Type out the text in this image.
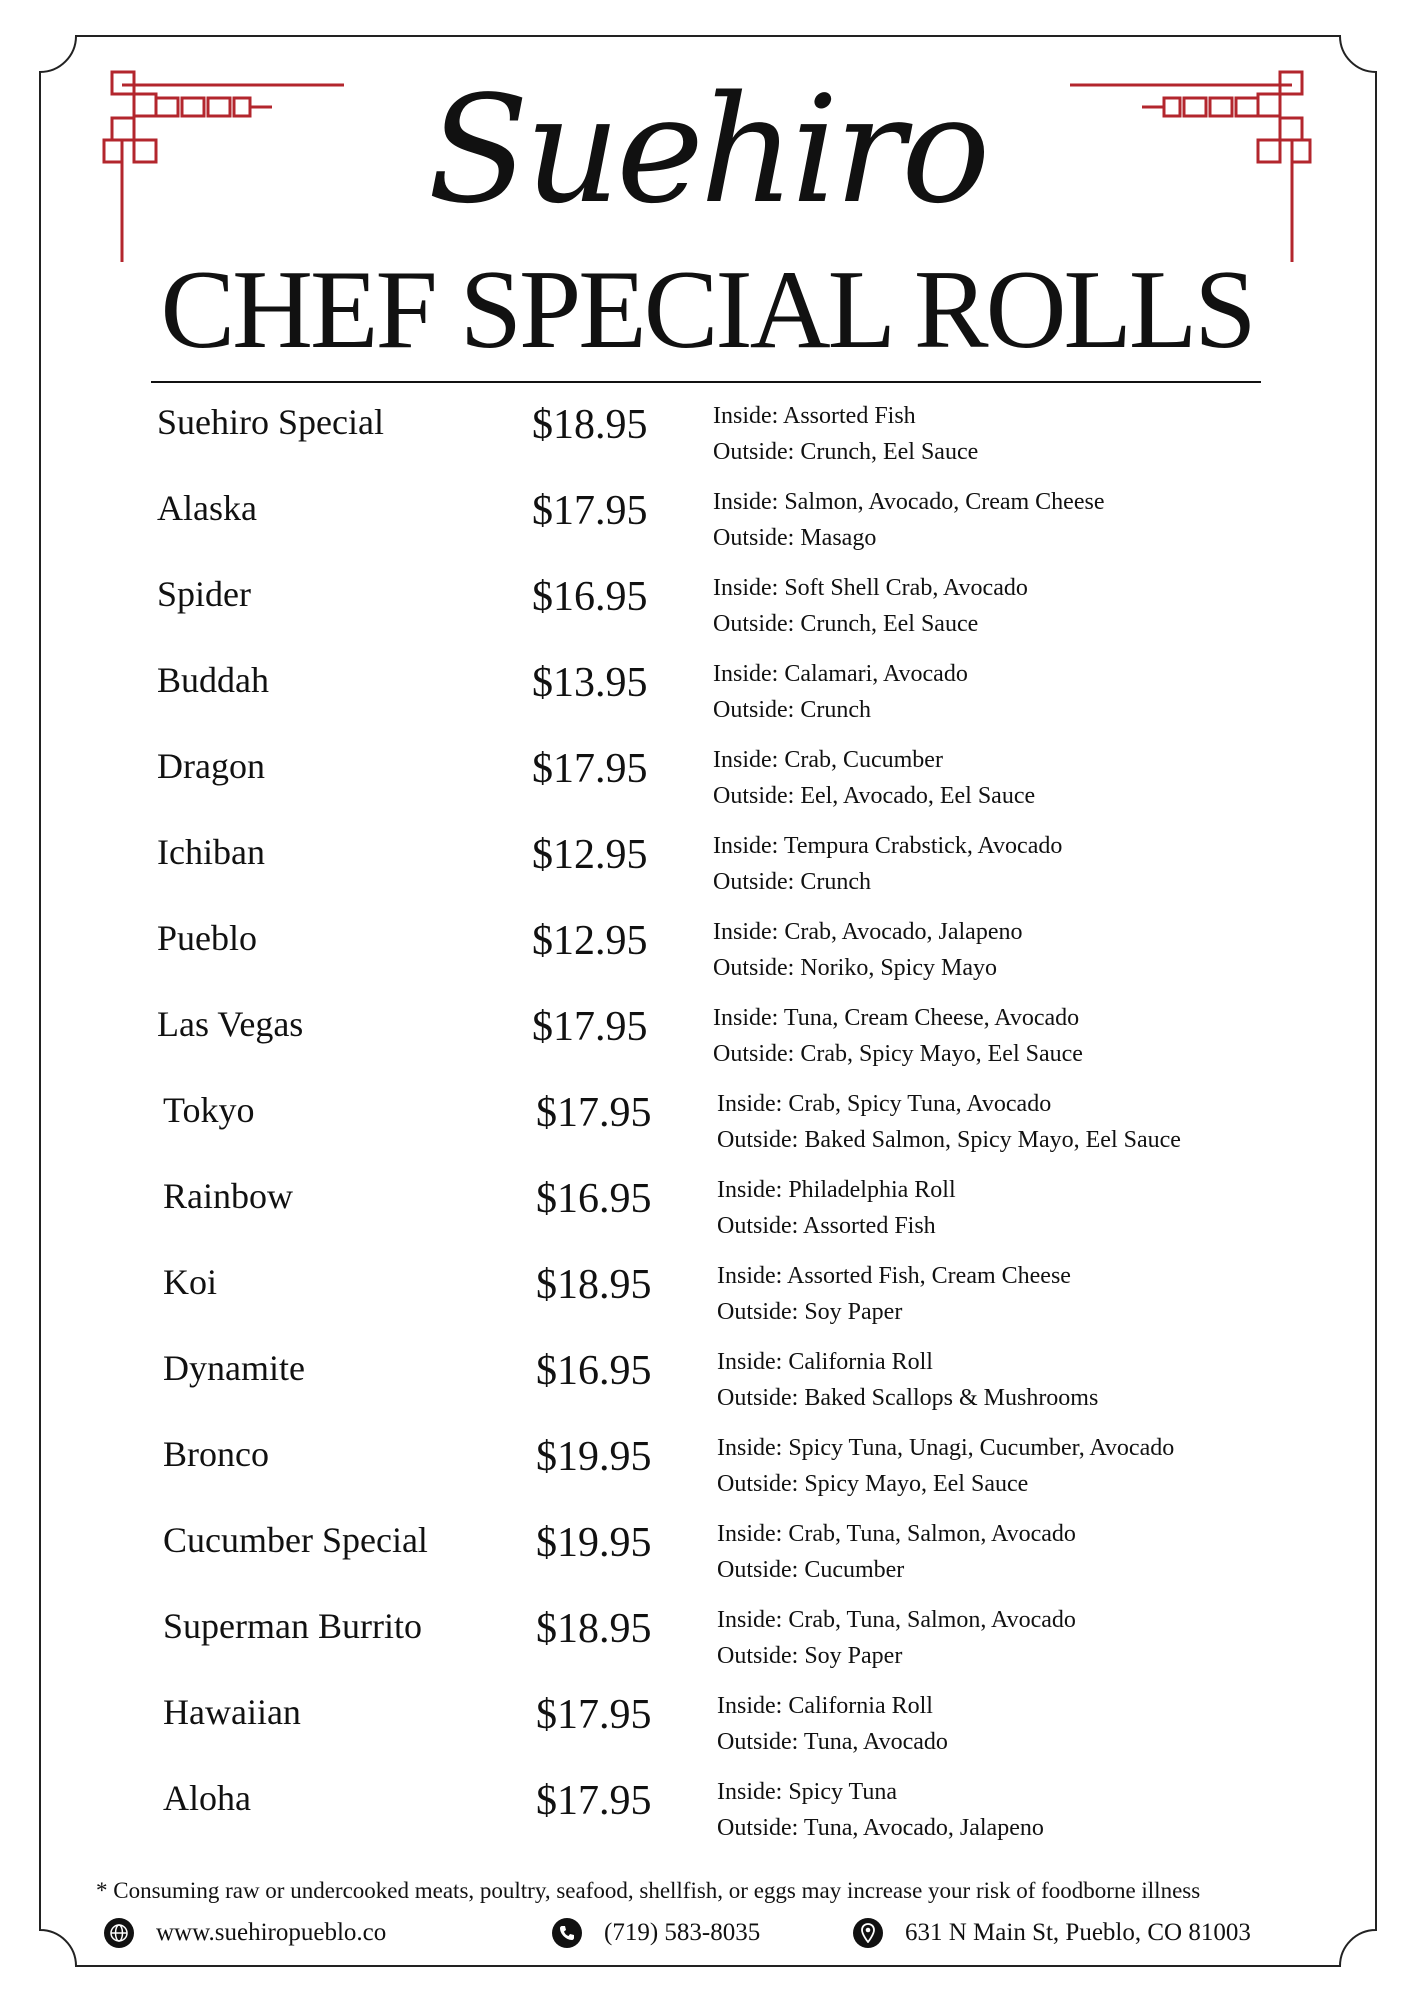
Suehiro
CHEF SPECIAL ROLLS
Suehiro Special	$18.95	Inside: Assorted Fish
Outside: Crunch, Eel Sauce
Alaska	$17.95	Inside: Salmon, Avocado, Cream Cheese
Outside: Masago
Spider	$16.95	Inside: Soft Shell Crab, Avocado
Outside: Crunch, Eel Sauce
Buddah	$13.95	Inside: Calamari, Avocado
Outside: Crunch
Dragon	$17.95	Inside: Crab, Cucumber
Outside: Eel, Avocado, Eel Sauce
Ichiban	$12.95	Inside: Tempura Crabstick, Avocado
Outside: Crunch
Pueblo	$12.95	Inside: Crab, Avocado, Jalapeno
Outside: Noriko, Spicy Mayo
Las Vegas	$17.95	Inside: Tuna, Cream Cheese, Avocado
Outside: Crab, Spicy Mayo, Eel Sauce
Tokyo	$17.95	Inside: Crab, Spicy Tuna, Avocado
Outside: Baked Salmon, Spicy Mayo, Eel Sauce
Rainbow	$16.95	Inside: Philadelphia Roll
Outside: Assorted Fish
Koi	$18.95	Inside: Assorted Fish, Cream Cheese
Outside: Soy Paper
Dynamite	$16.95	Inside: California Roll
Outside: Baked Scallops & Mushrooms
Bronco	$19.95	Inside: Spicy Tuna, Unagi, Cucumber, Avocado
Outside: Spicy Mayo, Eel Sauce
Cucumber Special	$19.95	Inside: Crab, Tuna, Salmon, Avocado
Outside: Cucumber
Superman Burrito	$18.95	Inside: Crab, Tuna, Salmon, Avocado
Outside: Soy Paper
Hawaiian	$17.95	Inside: California Roll
Outside: Tuna, Avocado
Aloha	$17.95	Inside: Spicy Tuna
Outside: Tuna, Avocado, Jalapeno
* Consuming raw or undercooked meats, poultry, seafood, shellfish, or eggs may increase your risk of foodborne illness
www.suehiropueblo.co	(719) 583-8035	631 N Main St, Pueblo, CO 81003
